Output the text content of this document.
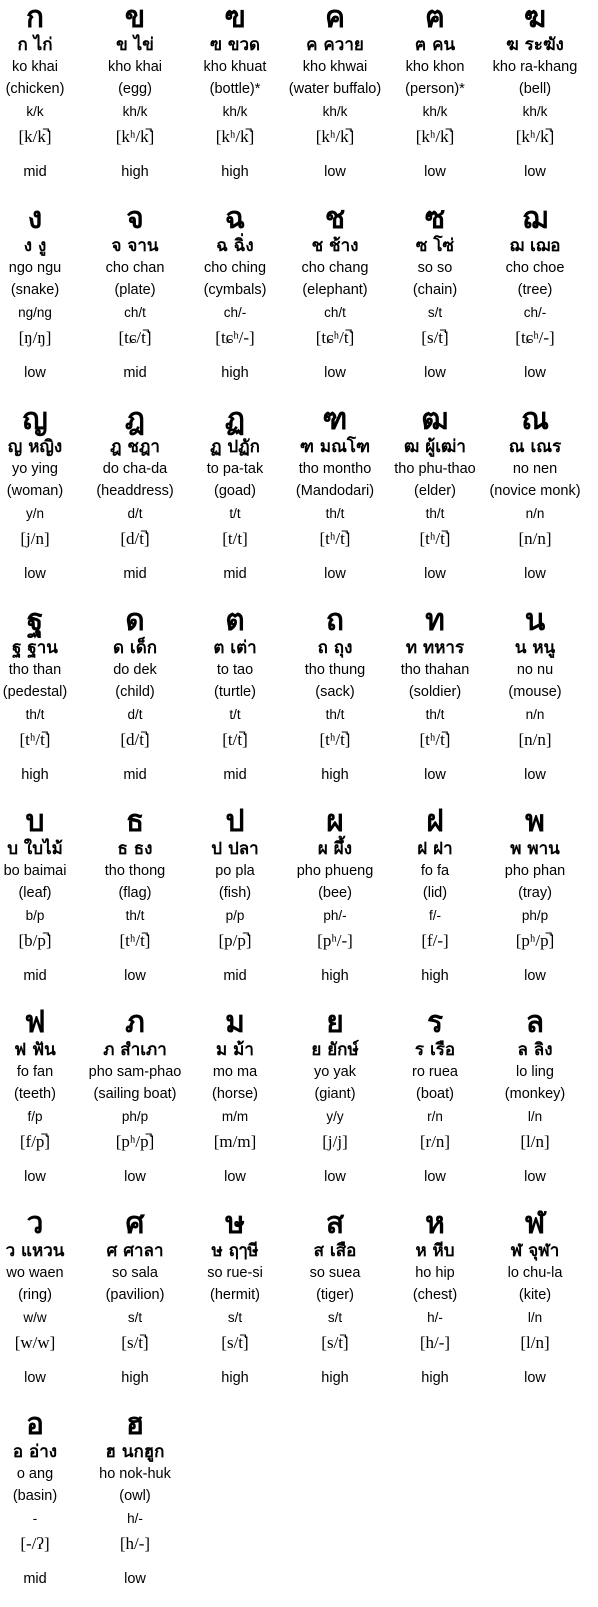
ก
ก ไก่
ko khai
(chicken)
k/k
[k/k̚]
mid
ข
ข ไข่
kho khai
(egg)
kh/k
[kʰ/k̚]
high
ฃ
ฃ ขวด
kho khuat
(bottle)*
kh/k
[kʰ/k̚]
high
ค
ค ควาย
kho khwai
(water buffalo)
kh/k
[kʰ/k̚]
low
ฅ
ฅ คน
kho khon
(person)*
kh/k
[kʰ/k̚]
low
ฆ
ฆ ระฆัง
kho ra-khang
(bell)
kh/k
[kʰ/k̚]
low
ง
ง งู
ngo ngu
(snake)
ng/ng
[ŋ/ŋ]
low
จ
จ จาน
cho chan
(plate)
ch/t
[tɕ/t̚]
mid
ฉ
ฉ ฉิ่ง
cho ching
(cymbals)
ch/-
[tɕʰ/-]
high
ช
ช ช้าง
cho chang
(elephant)
ch/t
[tɕʰ/t̚]
low
ซ
ซ โซ่
so so
(chain)
s/t
[s/t̚]
low
ฌ
ฌ เฌอ
cho choe
(tree)
ch/-
[tɕʰ/-]
low
ญ
ญ หญิง
yo ying
(woman)
y/n
[j/n]
low
ฎ
ฎ ชฎา
do cha-da
(headdress)
d/t
[d/t̚]
mid
ฏ
ฏ ปฏัก
to pa-tak
(goad)
t/t
[t/t]
mid
ฑ
ฑ มณโฑ
tho montho
(Mandodari)
th/t
[tʰ/t̚]
low
ฒ
ฒ ผู้เฒ่า
tho phu-thao
(elder)
th/t
[tʰ/t̚]
low
ณ
ณ เณร
no nen
(novice monk)
n/n
[n/n]
low
ฐ
ฐ ฐาน
tho than
(pedestal)
th/t
[tʰ/t̚]
high
ด
ด เด็ก
do dek
(child)
d/t
[d/t̚]
mid
ต
ต เต่า
to tao
(turtle)
t/t
[t/t̚]
mid
ถ
ถ ถุง
tho thung
(sack)
th/t
[tʰ/t̚]
high
ท
ท ทหาร
tho thahan
(soldier)
th/t
[tʰ/t̚]
low
น
น หนู
no nu
(mouse)
n/n
[n/n]
low
บ
บ ใบไม้
bo baimai
(leaf)
b/p
[b/p̚]
mid
ธ
ธ ธง
tho thong
(flag)
th/t
[tʰ/t̚]
low
ป
ป ปลา
po pla
(fish)
p/p
[p/p̚]
mid
ผ
ผ ผึ้ง
pho phueng
(bee)
ph/-
[pʰ/-]
high
ฝ
ฝ ฝา
fo fa
(lid)
f/-
[f/-]
high
พ
พ พาน
pho phan
(tray)
ph/p
[pʰ/p̚]
low
ฟ
ฟ ฟัน
fo fan
(teeth)
f/p
[f/p̚]
low
ภ
ภ สำเภา
pho sam-phao
(sailing boat)
ph/p
[pʰ/p̚]
low
ม
ม ม้า
mo ma
(horse)
m/m
[m/m]
low
ย
ย ยักษ์
yo yak
(giant)
y/y
[j/j]
low
ร
ร เรือ
ro ruea
(boat)
r/n
[r/n]
low
ล
ล ลิง
lo ling
(monkey)
l/n
[l/n]
low
ว
ว แหวน
wo waen
(ring)
w/w
[w/w]
low
ศ
ศ ศาลา
so sala
(pavilion)
s/t
[s/t̚]
high
ษ
ษ ฤๅษี
so rue-si
(hermit)
s/t
[s/t̚]
high
ส
ส เสือ
so suea
(tiger)
s/t
[s/t̚]
high
ห
ห หีบ
ho hip
(chest)
h/-
[h/-]
high
ฬ
ฬ จุฬา
lo chu-la
(kite)
l/n
[l/n]
low
อ
อ อ่าง
o ang
(basin)
-
[-/ʔ]
mid
ฮ
ฮ นกฮูก
ho nok-huk
(owl)
h/-
[h/-]
low
